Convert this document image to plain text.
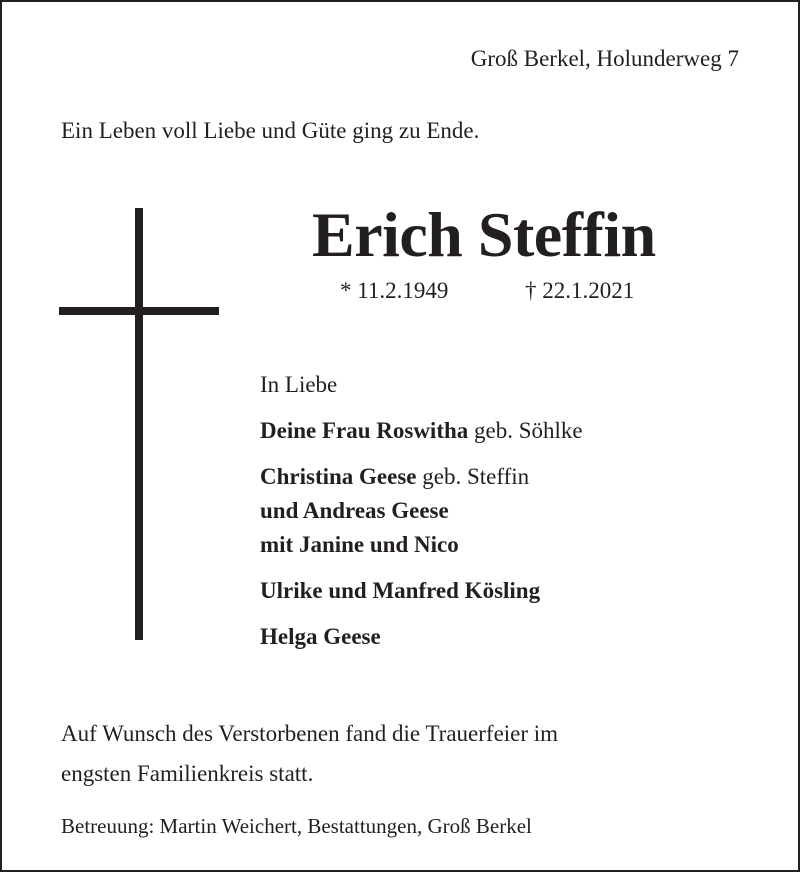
Groß Berkel, Holunderweg 7
Ein Leben voll Liebe und Güte ging zu Ende.
Erich Steffin
* 11.2.1949	† 22.1.2021
In Liebe
Deine Frau Roswitha geb. Söhlke
Christina Geese geb. Steffin
und Andreas Geese
mit Janine und Nico
Ulrike und Manfred Kösling
Helga Geese
Auf Wunsch des Verstorbenen fand die Trauerfeier im
engsten Familienkreis statt.
Betreuung: Martin Weichert, Bestattungen, Groß Berkel
